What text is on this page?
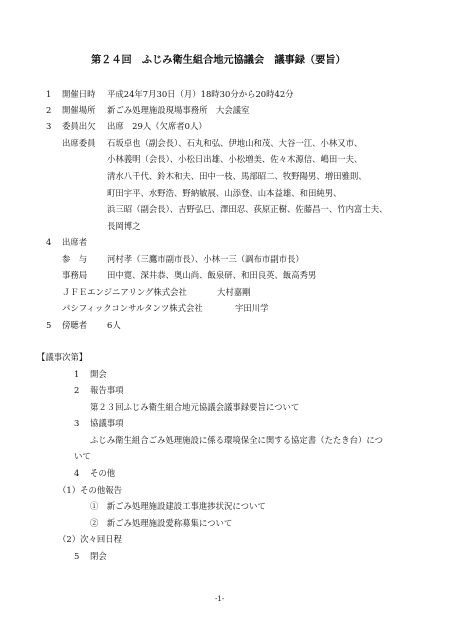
第２４回　ふじみ衛生組合地元協議会　議事録（要旨）
1 開催日時 平成24年7月30日（月）18時30分から20時42分
2 開催場所 新ごみ処理施設現場事務所　大会議室
3 委員出欠 出席　29人（欠席者0人）
出席委員 石坂卓也（副会長）、石丸和弘、伊地山和茂、大谷一江、小林又市、
小林義明（会長）、小松日出雄、小松増美、佐々木源信、嶋田一夫、
清水八千代、鈴木和夫、田中一枝、馬部昭二、牧野陽男、増田雅則、
町田宇平、水野浩、野納敏展、山添登、山本益雄、和田純男、
浜三昭（副会長）、吉野弘巳、澤田忍、荻原正樹、佐藤昌一、竹内富士夫、
長岡博之
4 出席者
参　与 河村孝（三鷹市副市長）、小林一三（調布市副市長）
事務局 田中寛、深井恭、奥山尚、飯泉研、和田良英、飯高秀男
ＪＦＥエンジニアリング株式会社	大村嘉剛
パシフィックコンサルタンツ株式会社	宇田川学
5 傍聴者 6人
【議事次第】
1 開会
2 報告事項
第２３回ふじみ衛生組合地元協議会議事録要旨について
3 協議事項
ふじみ衛生組合ごみ処理施設に係る環境保全に関する協定書（たたき台）につ
いて
4 その他
（1）その他報告
①　新ごみ処理施設建設工事進捗状況について
②　新ごみ処理施設愛称募集について
（2）次々回日程
5 閉会
-1-
